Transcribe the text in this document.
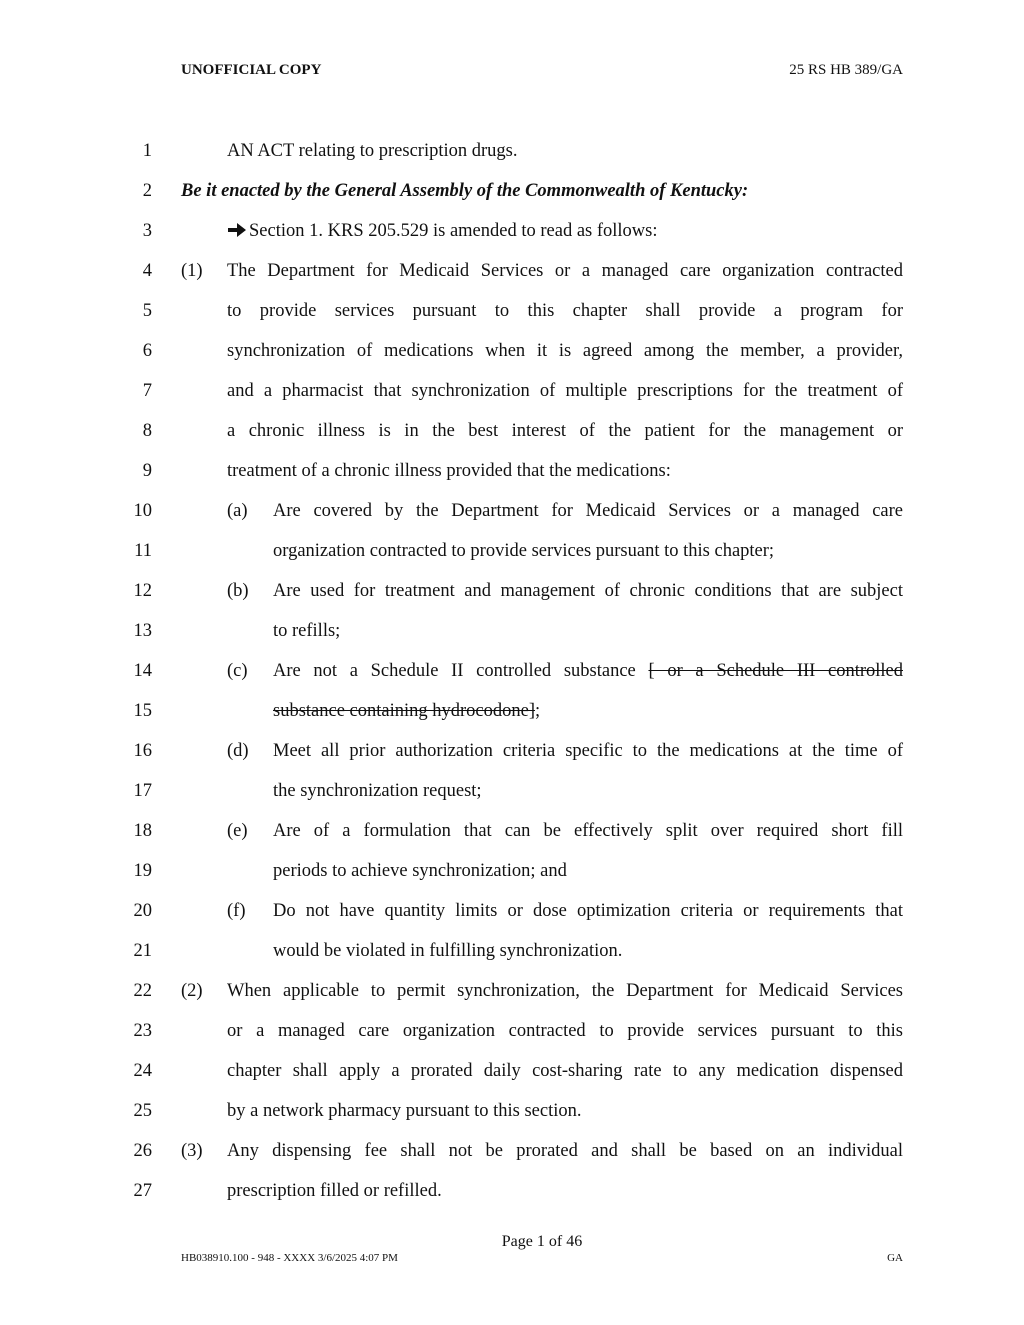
UNOFFICIAL COPY	25 RS HB 389/GA
1	AN ACT relating to prescription drugs.
2 Be it enacted by the General Assembly of the Commonwealth of Kentucky:
3	Section 1. KRS 205.529 is amended to read as follows:
4 (1) The Department for Medicaid Services or a managed care organization contracted
5	to provide services pursuant to this chapter shall provide a program for
6	synchronization of medications when it is agreed among the member, a provider,
7	and a pharmacist that synchronization of multiple prescriptions for the treatment of
8	a chronic illness is in the best interest of the patient for the management or
9	treatment of a chronic illness provided that the medications:
10	(a) Are covered by the Department for Medicaid Services or a managed care
11	organization contracted to provide services pursuant to this chapter;
12	(b) Are used for treatment and management of chronic conditions that are subject
13	to refills;
14	(c) Are not a Schedule II controlled substance [ or a Schedule III controlled
15	substance containing hydrocodone];
16	(d) Meet all prior authorization criteria specific to the medications at the time of
17	the synchronization request;
18	(e) Are of a formulation that can be effectively split over required short fill
19	periods to achieve synchronization; and
20	(f) Do not have quantity limits or dose optimization criteria or requirements that
21	would be violated in fulfilling synchronization.
22 (2) When applicable to permit synchronization, the Department for Medicaid Services
23	or a managed care organization contracted to provide services pursuant to this
24	chapter shall apply a prorated daily cost-sharing rate to any medication dispensed
25	by a network pharmacy pursuant to this section.
26 (3) Any dispensing fee shall not be prorated and shall be based on an individual
27	prescription filled or refilled.
Page 1 of 46
HB038910.100 - 948 - XXXX 3/6/2025 4:07 PM	GA
